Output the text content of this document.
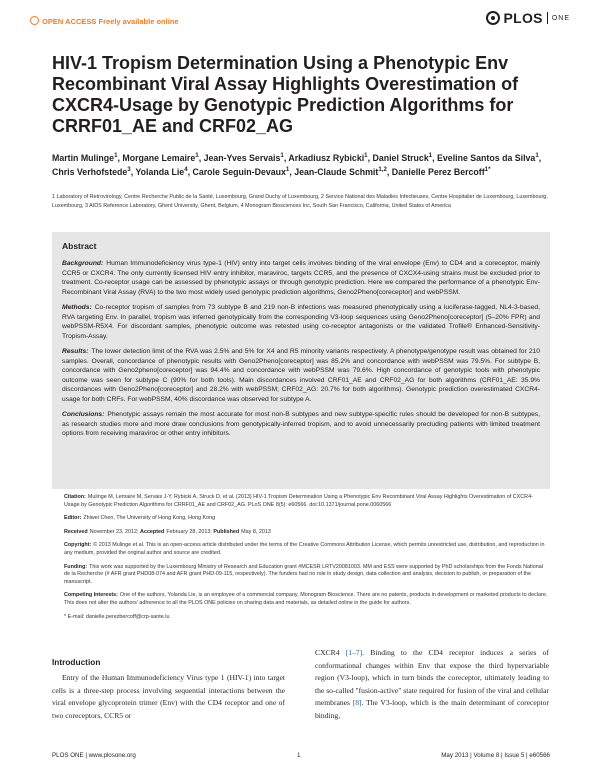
OPEN ACCESS Freely available online	PLOS ONE
HIV-1 Tropism Determination Using a Phenotypic Env Recombinant Viral Assay Highlights Overestimation of CXCR4-Usage by Genotypic Prediction Algorithms for CRRF01_AE and CRF02_AG
Martin Mulinge$^1$, Morgane Lemaire$^1$, Jean-Yves Servais$^1$, Arkadiusz Rybicki$^1$, Daniel Struck$^1$, Eveline Santos da Silva$^1$, Chris Verhofstede$^3$, Yolanda Lie$^4$, Carole Seguin-Devaux$^1$, Jean-Claude Schmit$^{1,2}$, Danielle Perez Bercoff$^{1*}$
1 Laboratory of Retrovirology, Centre Recherche Public de la Santé, Luxembourg, Grand Duchy of Luxembourg, 2 Service National des Maladies Infectieuses, Centre Hospitalier de Luxembourg, Luxembourg, Luxembourg, 3 AIDS Reference Laboratory, Ghent University, Ghent, Belgium, 4 Monogram Biosciences Inc, South San Francisco, California, United States of America
Abstract

Background: Human Immunodeficiency virus type-1 (HIV) entry into target cells involves binding of the viral envelope (Env) to CD4 and a coreceptor, mainly CCR5 or CXCR4. The only currently licensed HIV entry inhibitor, maraviroc, targets CCR5, and the presence of CXCX4-using strains must be excluded prior to treatment. Co-receptor usage can be assessed by phenotypic assays or through genotypic prediction. Here we compared the performance of a phenotypic Env-Recombinant Viral Assay (RVA) to the two most widely used genotypic prediction algorithms, Geno2Pheno[coreceptor] and webPSSM.

Methods: Co-receptor tropism of samples from 73 subtype B and 219 non-B infections was measured phenotypically using a luciferase-tagged, NL4-3-based, RVA targeting Env. In parallel, tropism was inferred genotypically from the corresponding V3-loop sequences using Geno2Pheno[coreceptor] (5–20% FPR) and webPSSM-R5X4. For discordant samples, phenotypic outcome was retested using co-receptor antagonists or the validated Trofile® Enhanced-Sensitivity-Tropism-Assay.

Results: The lower detection limit of the RVA was 2.5% and 5% for X4 and R5 minority variants respectively. A phenotype/genotype result was obtained for 210 samples. Overall, concordance of phenotypic results with Geno2Pheno[coreceptor] was 85.2% and concordance with webPSSM was 79.5%. For subtype B, concordance with Geno2pheno[coreceptor] was 94.4% and concordance with webPSSM was 79.6%. High concordance of genotypic tools with phenotypic outcome was seen for subtype C (90% for both tools). Main discordances involved CRF01_AE and CRF02_AG for both algorithms (CRF01_AE: 35.9% discordances with Geno2Pheno[coreceptor] and 28.2% with webPSSM; CRF02_AG: 20.7% for both algorithms). Genotypic prediction overestimated CXCR4-usage for both CRFs. For webPSSM, 40% discordance was observed for subtype A.

Conclusions: Phenotypic assays remain the most accurate for most non-B subtypes and new subtype-specific rules should be developed for non-B subtypes, as research studies more and more draw conclusions from genotypically-inferred tropism, and to avoid unnecessarily precluding patients with limited treatment options from receiving maraviroc or other entry inhibitors.

Citation: Mulinge M, Lemaire M, Servais J-Y, Rybicki A, Struck D, et al. (2013) HIV-1 Tropism Determination Using a Phenotypic Env Recombinant Viral Assay Highlights Overestimation of CXCR4-Usage by Genotypic Prediction Algorithms for CRRF01_AE and CRF02_AG. PLoS ONE 8(5): e60566. doi:10.1371/journal.pone.0060566

Editor: Zhiwei Chen, The University of Hong Kong, Hong Kong

Received November 23, 2012; Accepted February 28, 2013; Published May 8, 2013

Copyright: © 2013 Mulinge et al. This is an open-access article distributed under the terms of the Creative Commons Attribution License, which permits unrestricted use, distribution, and reproduction in any medium, provided the original author and source are credited.

Funding: This work was supported by the Luxembourg Ministry of Research and Education grant #MCESR LRTV20081003. MM and ESS were supported by PhD scholarships from the Fonds National de la Recherche (# AFR grant PHD08-074 and AFR grant PHD-09-115, respectively). The funders had no role in study design, data collection and analysis, decision to publish, or preparation of the manuscript.

Competing Interests: One of the authors, Yolanda Lie, is an employee of a commercial company, Monogram Bioscience. There are no patents, products in development or marketed products to declare. This does not alter the authors' adherence to all the PLOS ONE policies on sharing data and materials, as detailed online in the guide for authors.

* E-mail: danielle.perezbercoff@crp-sante.lu

Introduction
Entry of the Human Immunodeficiency Virus type 1 (HIV-1) into target cells is a three-step process involving sequential interactions between the viral envelope glycoprotein trimer (Env) with the CD4 receptor and one of two coreceptors, CCR5 or
CXCR4 [1–7]. Binding to the CD4 receptor induces a series of conformational changes within Env that expose the third hypervariable region (V3-loop), which in turn binds the coreceptor, ultimately leading to the so-called "fusion-active" state required for fusion of the viral and cellular membranes [8]. The V3-loop, which is the main determinant of coreceptor binding,
PLOS ONE | www.plosone.org	1	May 2013 | Volume 8 | Issue 5 | e60566
